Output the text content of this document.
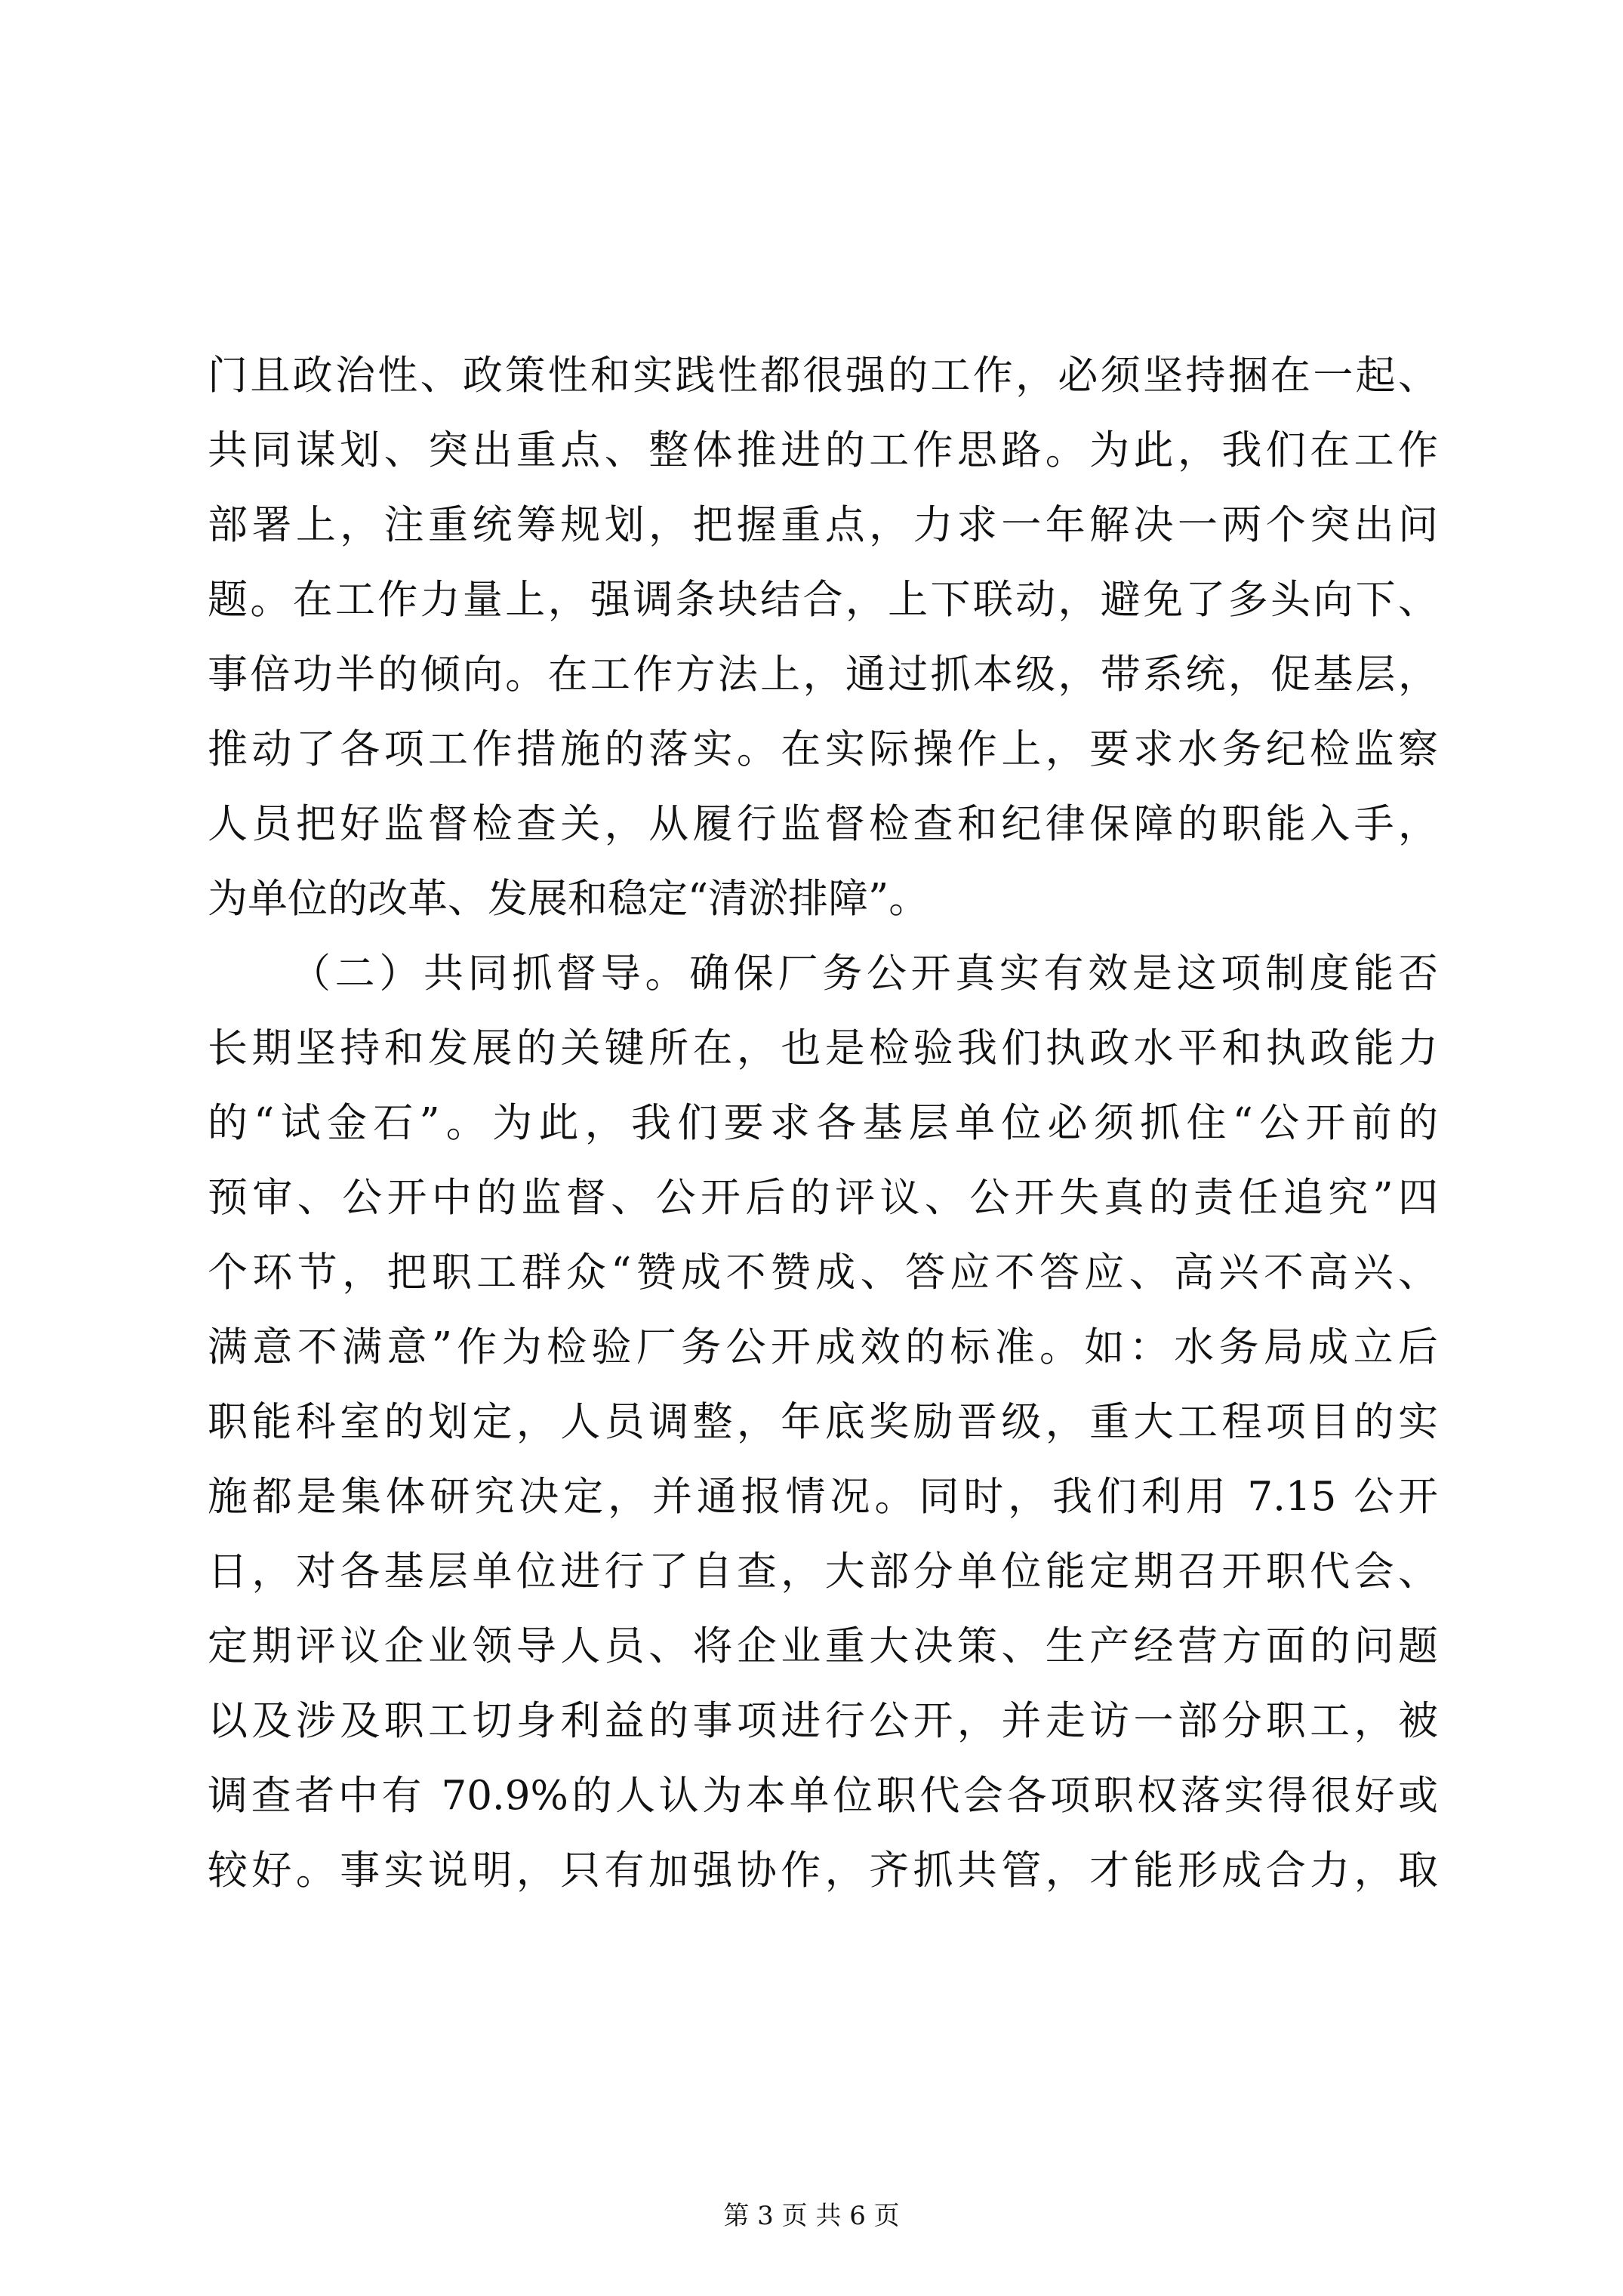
门且政治性、政策性和实践性都很强的工作，必须坚持捆在一起、
共同谋划、突出重点、整体推进的工作思路。为此，我们在工作
部署上，注重统筹规划，把握重点，力求一年解决一两个突出问
题。在工作力量上，强调条块结合，上下联动，避免了多头向下、
事倍功半的倾向。在工作方法上，通过抓本级，带系统，促基层，
推动了各项工作措施的落实。在实际操作上，要求水务纪检监察
人员把好监督检查关，从履行监督检查和纪律保障的职能入手，
为单位的改革、发展和稳定“清淤排障”。
（二）共同抓督导。确保厂务公开真实有效是这项制度能否
长期坚持和发展的关键所在，也是检验我们执政水平和执政能力
的“试金石”。为此，我们要求各基层单位必须抓住“公开前的
预审、公开中的监督、公开后的评议、公开失真的责任追究”四
个环节，把职工群众“赞成不赞成、答应不答应、高兴不高兴、
满意不满意”作为检验厂务公开成效的标准。如：水务局成立后
职能科室的划定，人员调整，年底奖励晋级，重大工程项目的实
施都是集体研究决定，并通报情况。同时，我们利用 7.15 公开
日，对各基层单位进行了自查，大部分单位能定期召开职代会、
定期评议企业领导人员、将企业重大决策、生产经营方面的问题
以及涉及职工切身利益的事项进行公开，并走访一部分职工，被
调查者中有 70.9%的人认为本单位职代会各项职权落实得很好或
较好。事实说明，只有加强协作，齐抓共管，才能形成合力，取
第 3 页 共 6 页
